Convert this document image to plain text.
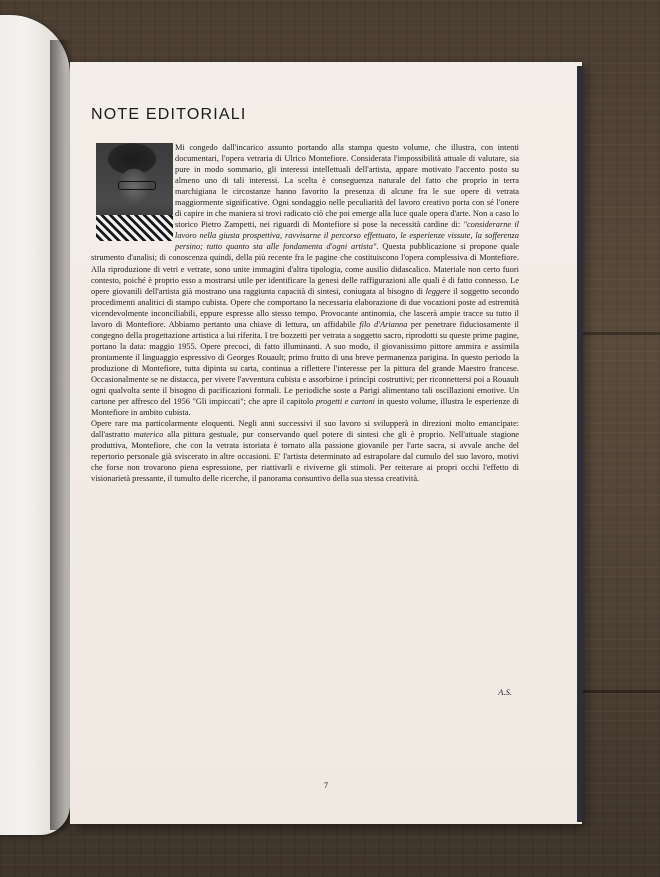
NOTE EDITORIALI

Mi congedo dall'incarico assunto portando alla stampa questo volume, che illustra, con intenti documentari, l'opera vetraria di Ulrico Montefiore. Considerata l'impossibilità attuale di valutare, sia pure in modo sommario, gli interessi intellettuali dell'artista, appare motivato l'accento posto su almeno uno di tali interessi. La scelta è conseguenza naturale del fatto che proprio in terra marchigiana le circostanze hanno favorito la presenza di alcune fra le sue opere di vetrata maggiormente significative. Ogni sondaggio nelle peculiarità del lavoro creativo porta con sé l'onere di capire in che maniera si trovi radicato ciò che poi emerge alla luce quale opera d'arte. Non a caso lo storico Pietro Zampetti, nei riguardi di Montefiore si pose la necessità cardine di: "considerarne il lavoro nella giusta prospettiva, ravvisarne il percorso effettuato, le esperienze vissute, la sofferenza persino; tutto quanto sta alle fondamenta d'ogni artista". Questa pubblicazione si propone quale strumento d'analisi; di conoscenza quindi, della più recente fra le pagine che costituiscono l'opera complessiva di Montefiore. Alla riproduzione di vetri e vetrate, sono unite immagini d'altra tipologia, come ausilio didascalico. Materiale non certo fuori contesto, poiché è proprio esso a mostrarsi utile per identificare la genesi delle raffigurazioni alle quali è di fatto connesso. Le opere giovanili dell'artista già mostrano una raggiunta capacità di sintesi, coniugata al bisogno di leggere il soggetto secondo procedimenti analitici di stampo cubista. Opere che comportano la necessaria elaborazione di due vocazioni poste ad estremità vicendevolmente inconciliabili, eppure espresse allo stesso tempo. Provocante antinomia, che lascerà ampie tracce su tutto il lavoro di Montefiore. Abbiamo pertanto una chiave di lettura, un affidabile filo d'Arianna per penetrare fiduciosamente il congegno della progettazione artistica a lui riferita. I tre bozzetti per vetrata a soggetto sacro, riprodotti su queste prime pagine, portano la data: maggio 1955. Opere precoci, di fatto illuminanti. A suo modo, il giovanissimo pittore ammira e assimila prontamente il linguaggio espressivo di Georges Rouault; primo frutto di una breve permanenza parigina. In questo periodo la produzione di Montefiore, tutta dipinta su carta, continua a riflettere l'interesse per la pittura del grande Maestro francese. Occasionalmente se ne distacca, per vivere l'avventura cubista e assorbirne i princìpi costruttivi; per riconnettersi poi a Rouault ogni qualvolta sente il bisogno di pacificazioni formali. Le periodiche soste a Parigi alimentano tali oscillazioni emotive. Un cartone per affresco del 1956 "Gli impiccati"; che apre il capitolo progetti e cartoni in questo volume, illustra le esperienze di Montefiore in ambito cubista.

Opere rare ma particolarmente eloquenti. Negli anni successivi il suo lavoro si svilupperà in direzioni molto emancipate: dall'astratto materico alla pittura gestuale, pur conservando quel potere di sintesi che gli è proprio. Nell'attuale stagione produttiva, Montefiore, che con la vetrata istoriata è tornato alla passione giovanile per l'arte sacra, si avvale anche del repertorio personale già sviscerato in altre occasioni. E' l'artista determinato ad estrapolare dal cumulo del suo lavoro, motivi che forse non trovarono piena espressione, per riattivarli e riviverne gli stimoli. Per reiterare ai propri occhi l'effetto di visionarietà pressante, il tumulto delle ricerche, il panorama consuntivo della sua stessa creatività.

A.S.
7
